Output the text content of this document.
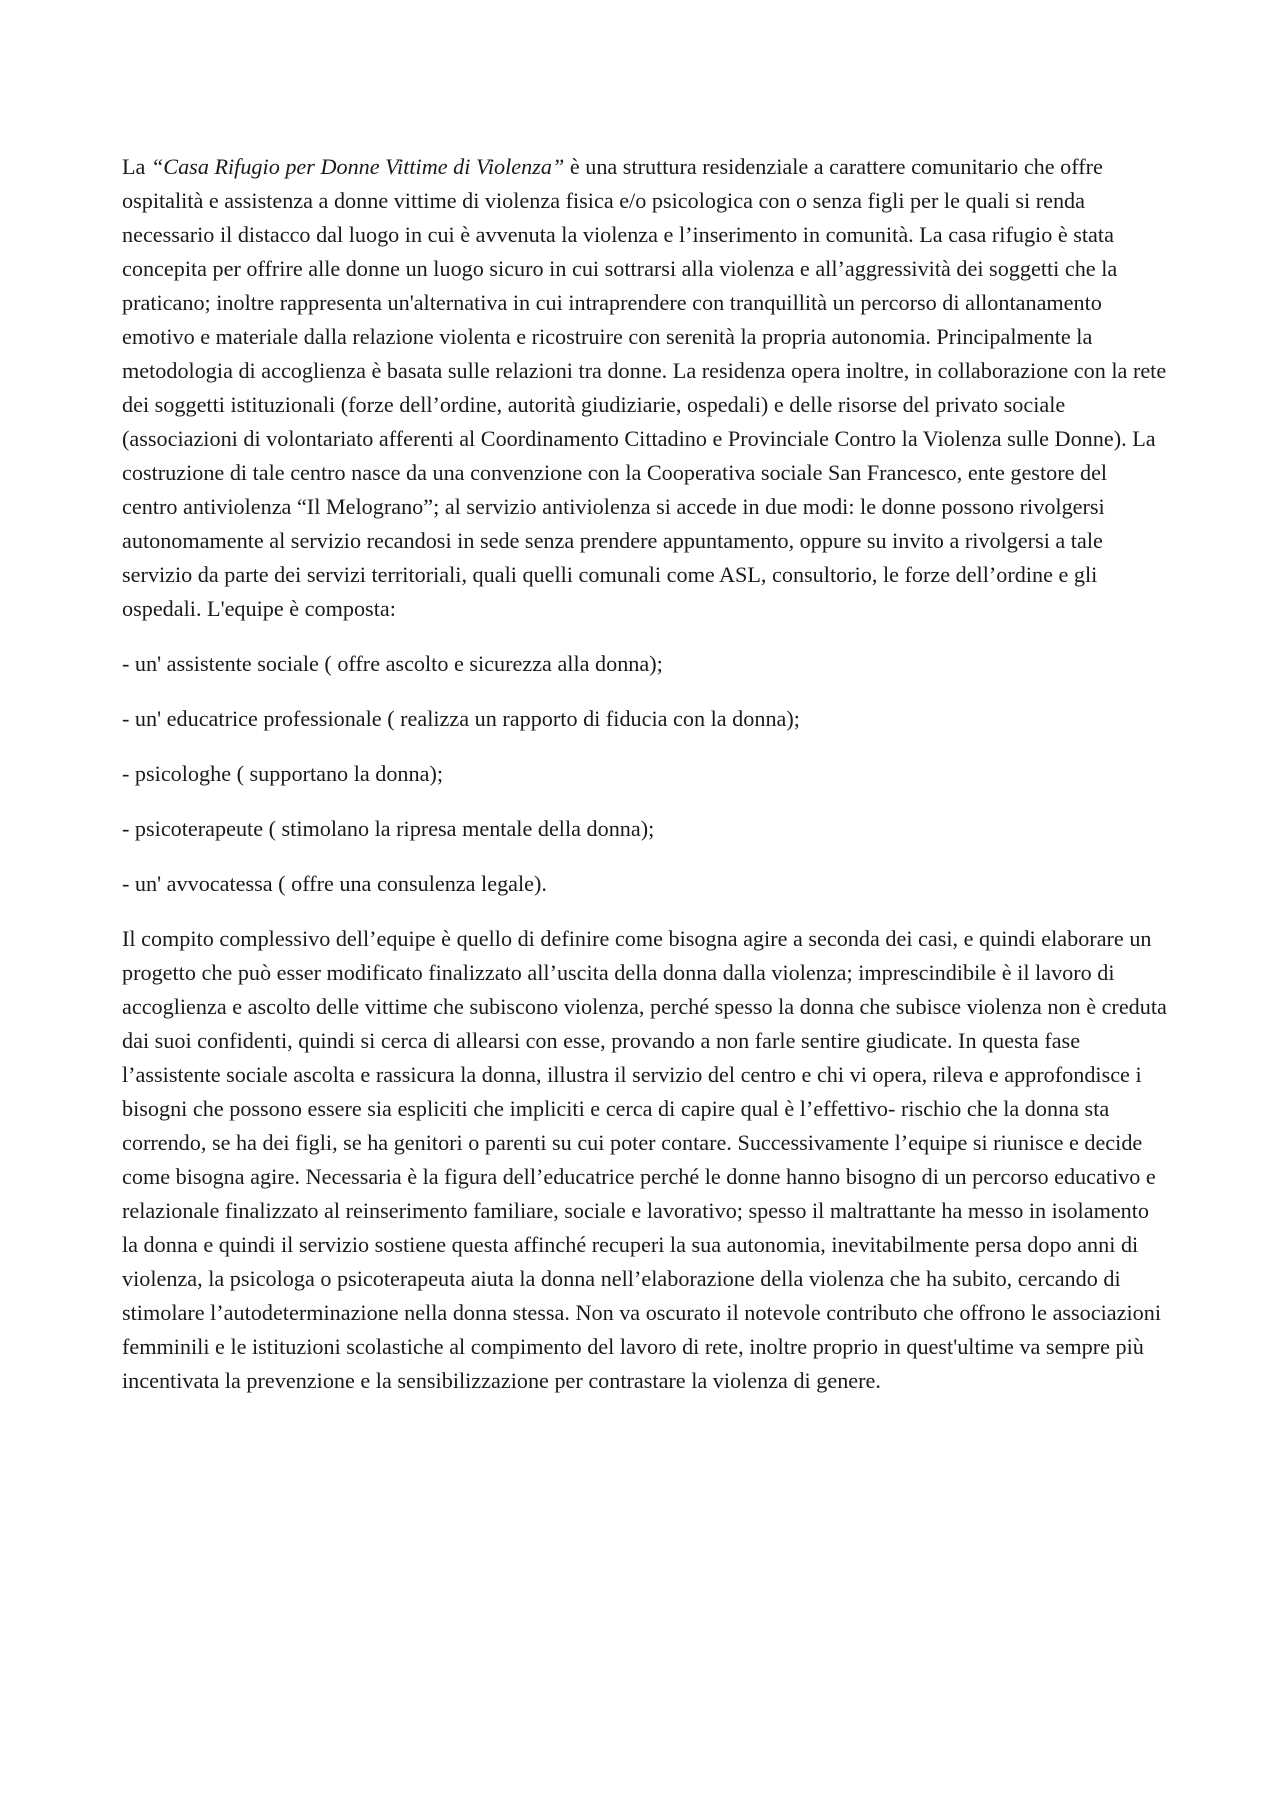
La “Casa Rifugio per Donne Vittime di Violenza” è una struttura residenziale a carattere comunitario che offre ospitalità e assistenza a donne vittime di violenza fisica e/o psicologica con o senza figli per le quali si renda necessario il distacco dal luogo in cui è avvenuta la violenza e l’inserimento in comunità. La casa rifugio è stata concepita per offrire alle donne un luogo sicuro in cui sottrarsi alla violenza e all’aggressività dei soggetti che la praticano; inoltre rappresenta un'alternativa in cui intraprendere con tranquillità un percorso di allontanamento emotivo e materiale dalla relazione violenta e ricostruire con serenità la propria autonomia. Principalmente la metodologia di accoglienza è basata sulle relazioni tra donne. La residenza opera inoltre, in collaborazione con la rete dei soggetti istituzionali (forze dell’ordine, autorità giudiziarie, ospedali) e delle risorse del privato sociale (associazioni di volontariato afferenti al Coordinamento Cittadino e Provinciale Contro la Violenza sulle Donne). La costruzione di tale centro nasce da una convenzione con la Cooperativa sociale San Francesco, ente gestore del centro antiviolenza “Il Melograno”; al servizio antiviolenza si accede in due modi: le donne possono rivolgersi autonomamente al servizio recandosi in sede senza prendere appuntamento, oppure su invito a rivolgersi a tale servizio da parte dei servizi territoriali, quali quelli comunali come ASL, consultorio, le forze dell’ordine e gli ospedali. L'equipe è composta:

- un' assistente sociale ( offre ascolto e sicurezza alla donna);

- un' educatrice professionale ( realizza un rapporto di fiducia con la donna);

- psicologhe ( supportano la donna);

- psicoterapeute ( stimolano la ripresa mentale della donna);

- un' avvocatessa ( offre una consulenza legale).

Il compito complessivo dell’equipe è quello di definire come bisogna agire a seconda dei casi, e quindi elaborare un progetto che può esser modificato finalizzato all’uscita della donna dalla violenza; imprescindibile è il lavoro di accoglienza e ascolto delle vittime che subiscono violenza, perché spesso la donna che subisce violenza non è creduta dai suoi confidenti, quindi si cerca di allearsi con esse, provando a non farle sentire giudicate. In questa fase l’assistente sociale ascolta e rassicura la donna, illustra il servizio del centro e chi vi opera, rileva e approfondisce i bisogni che possono essere sia espliciti che impliciti e cerca di capire qual è l’effettivo- rischio che la donna sta correndo, se ha dei figli, se ha genitori o parenti su cui poter contare. Successivamente l’equipe si riunisce e decide come bisogna agire. Necessaria è la figura dell’educatrice perché le donne hanno bisogno di un percorso educativo e relazionale finalizzato al reinserimento familiare, sociale e lavorativo; spesso il maltrattante ha messo in isolamento la donna e quindi il servizio sostiene questa affinché recuperi la sua autonomia, inevitabilmente persa dopo anni di violenza, la psicologa o psicoterapeuta aiuta la donna nell’elaborazione della violenza che ha subito, cercando di stimolare l’autodeterminazione nella donna stessa. Non va oscurato il notevole contributo che offrono le associazioni femminili e le istituzioni scolastiche al compimento del lavoro di rete, inoltre proprio in quest'ultime va sempre più incentivata la prevenzione e la sensibilizzazione per contrastare la violenza di genere.
